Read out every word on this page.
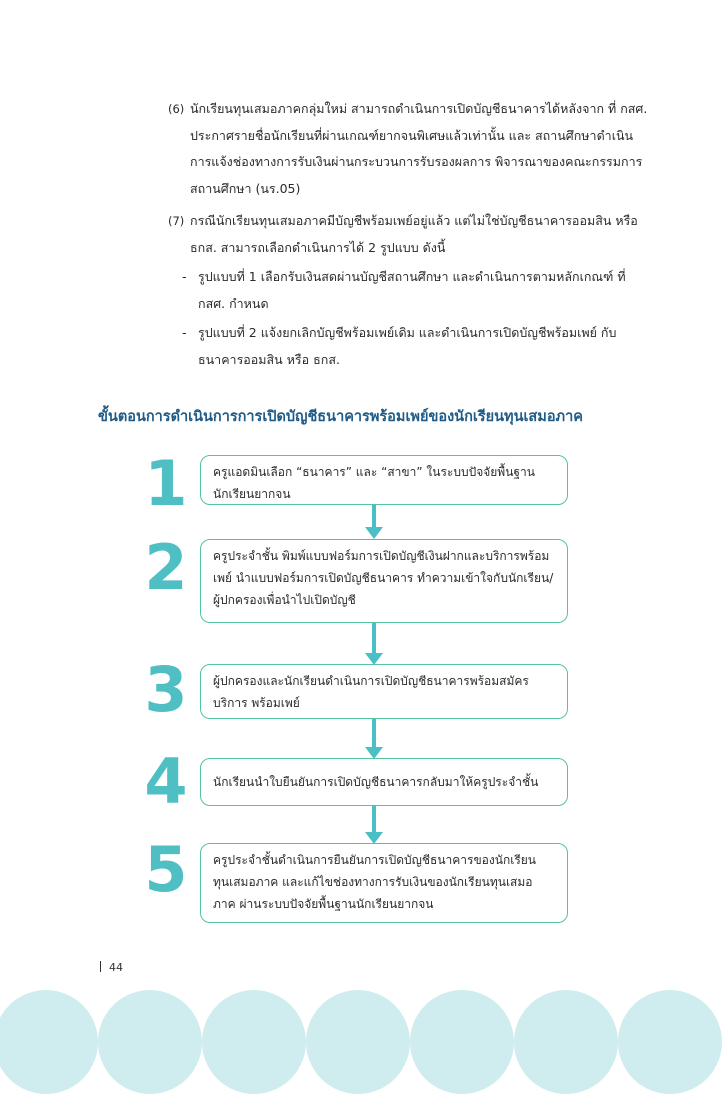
(6) นักเรียนทุนเสมอภาคกลุ่มใหม่ สามารถดำเนินการเปิดบัญชีธนาคารได้หลังจาก ที่ กสศ. ประกาศรายชื่อนักเรียนที่ผ่านเกณฑ์ยากจนพิเศษแล้วเท่านั้น และ สถานศึกษาดำเนินการแจ้งช่องทางการรับเงินผ่านกระบวนการรับรองผลการ พิจารณาของคณะกรรมการสถานศึกษา (นร.05)
(7) กรณีนักเรียนทุนเสมอภาคมีบัญชีพร้อมเพย์อยู่แล้ว แต่ไม่ใช่บัญชีธนาคารออมสิน หรือ ธกส. สามารถเลือกดำเนินการได้ 2 รูปแบบ ดังนี้
- รูปแบบที่ 1 เลือกรับเงินสดผ่านบัญชีสถานศึกษา และดำเนินการตามหลักเกณฑ์ ที่ กสศ. กำหนด
- รูปแบบที่ 2 แจ้งยกเลิกบัญชีพร้อมเพย์เดิม และดำเนินการเปิดบัญชีพร้อมเพย์ กับ ธนาคารออมสิน หรือ ธกส.
ขั้นตอนการดำเนินการการเปิดบัญชีธนาคารพร้อมเพย์ของนักเรียนทุนเสมอภาค
1	ครูแอดมินเลือก “ธนาคาร” และ “สาขา” ในระบบปัจจัยพื้นฐาน นักเรียนยากจน
2	ครูประจำชั้น พิมพ์แบบฟอร์มการเปิดบัญชีเงินฝากและบริการพร้อมเพย์ นำแบบฟอร์มการเปิดบัญชีธนาคาร ทำความเข้าใจกับนักเรียน/ ผู้ปกครองเพื่อนำไปเปิดบัญชี
3	ผู้ปกครองและนักเรียนดำเนินการเปิดบัญชีธนาคารพร้อมสมัครบริการ พร้อมเพย์
4	นักเรียนนำใบยืนยันการเปิดบัญชีธนาคารกลับมาให้ครูประจำชั้น
5	ครูประจำชั้นดำเนินการยืนยันการเปิดบัญชีธนาคารของนักเรียน ทุนเสมอภาค และแก้ไขช่องทางการรับเงินของนักเรียนทุนเสมอภาค ผ่านระบบปัจจัยพื้นฐานนักเรียนยากจน
44
